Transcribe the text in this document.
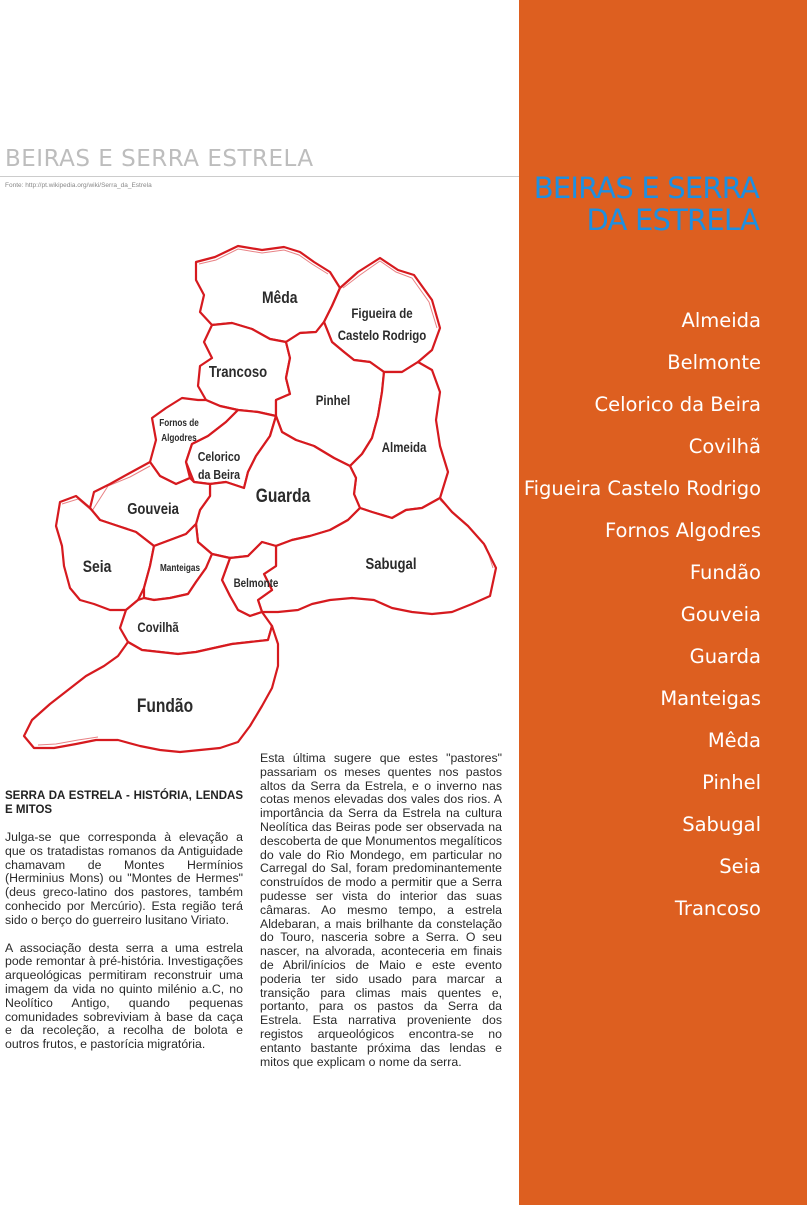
BEIRAS E SERRA ESTRELA
Fonte: http://pt.wikipedia.org/wiki/Serra_da_Estrela
Mêda
Figueira de
Castelo Rodrigo
Trancoso
Pinhel
Fornos de
Algodres
Celorico
da Beira
Almeida
Gouveia
Guarda
Seia	Manteigas	Sabugal
Belmonte
Covilhã
Fundão
SERRA DA ESTRELA - HISTÓRIA, LENDAS E MITOS

Julga-se que corresponda à elevação a que os tratadistas romanos da Antiguidade chamavam de Montes Hermínios (Herminius Mons) ou "Montes de Hermes" (deus greco-latino dos pastores, também conhecido por Mercúrio). Esta região terá sido o berço do guerreiro lusitano Viriato.

A associação desta serra a uma estrela pode remontar à pré-história. Investigações arqueológicas permitiram reconstruir uma imagem da vida no quinto milénio a.C, no Neolítico Antigo, quando pequenas comunidades sobreviviam à base da caça e da recoleção, a recolha de bolota e outros frutos, e pastorícia migratória.

Esta última sugere que estes "pastores" passariam os meses quentes nos pastos altos da Serra da Estrela, e o inverno nas cotas menos elevadas dos vales dos rios. A importância da Serra da Estrela na cultura Neolítica das Beiras pode ser observada na descoberta de que Monumentos megalíticos do vale do Rio Mondego, em particular no Carregal do Sal, foram predominantemente construídos de modo a permitir que a Serra pudesse ser vista do interior das suas câmaras. Ao mesmo tempo, a estrela Aldebaran, a mais brilhante da constelação do Touro, nasceria sobre a Serra. O seu nascer, na alvorada, aconteceria em finais de Abril/inícios de Maio e este evento poderia ter sido usado para marcar a transição para climas mais quentes e, portanto, para os pastos da Serra da Estrela. Esta narrativa proveniente dos registos arqueológicos encontra-se no entanto bastante próxima das lendas e mitos que explicam o nome da serra.

BEIRAS E SERRA DA ESTRELA
Almeida
Belmonte
Celorico da Beira
Covilhã
Figueira Castelo Rodrigo
Fornos Algodres
Fundão
Gouveia
Guarda
Manteigas
Mêda
Pinhel
Sabugal
Seia
Trancoso
